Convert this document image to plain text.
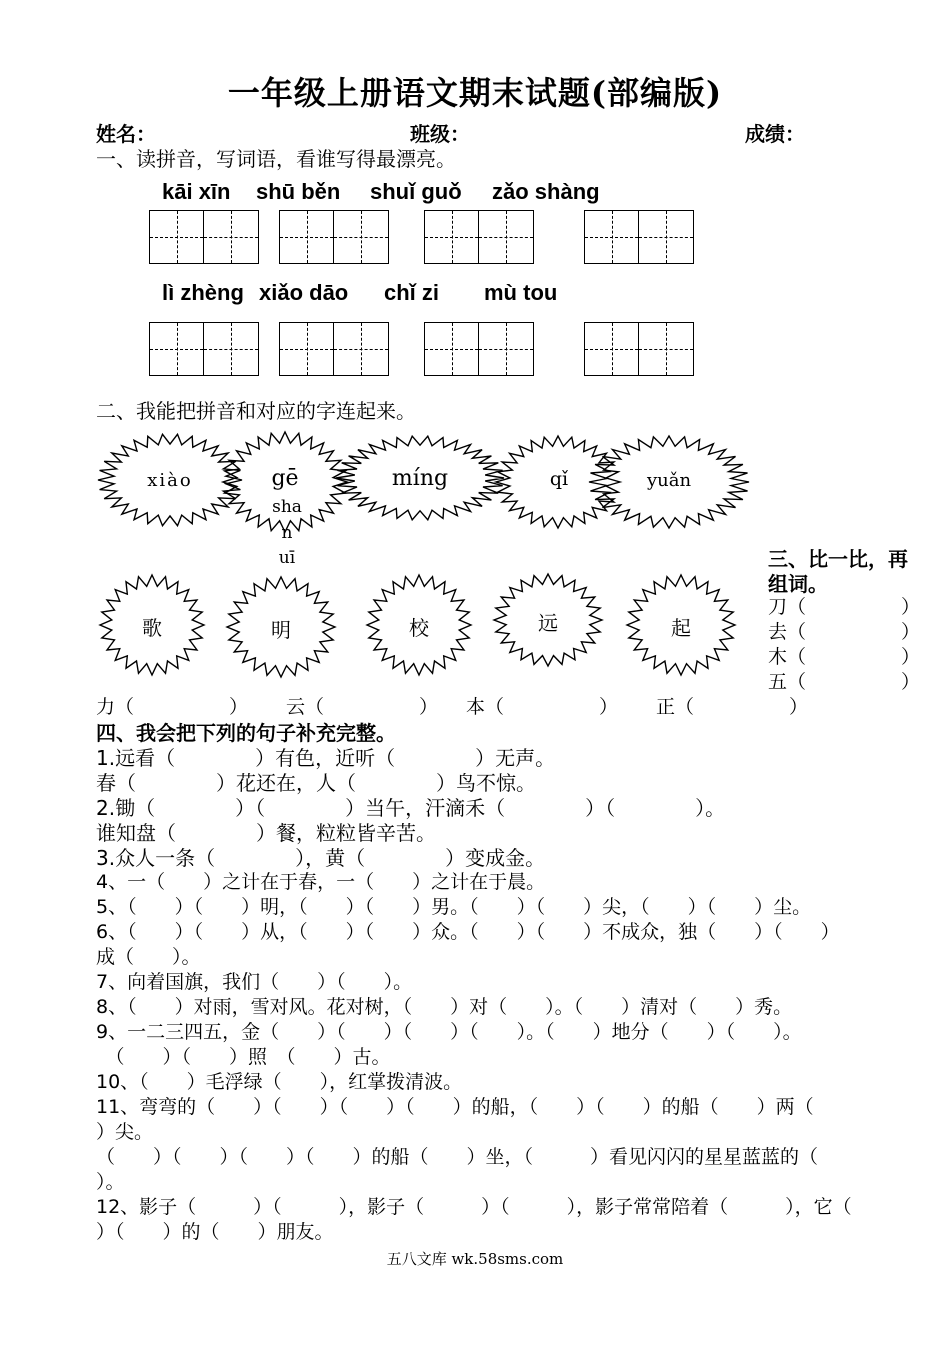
一年级上册语文期末试题(部编版)
姓名：	班级：	成绩：
一、读拼音，写词语，看谁写得最漂亮。
kāi xīn shū běn shuǐ guǒ zǎo shàng
lì zhèng xiǎo dāo chǐ zi mù tou
二、我能把拼音和对应的字连起来。
xiào	gē	míng	qǐ	yuǎn
sha
n
uī
歌	明	校	远	起
三、比一比，再
组词。
刀（　　　　　）
去（　　　　　）
木（　　　　　）
五（　　　　　）
力（　　　　　） 云（　　　　　） 本（　　　　　） 正（　　　　　）
四、我会把下列的句子补充完整。
1.远看（　　　　）有色，近听（　　　　）无声。
春（　　　　）花还在，人（　　　　）鸟不惊。
2.锄（　　　　）（　　　　）当午，汗滴禾（　　　　）（　　　　）。
谁知盘（　　　　）餐，粒粒皆辛苦。
3.众人一条（　　　　），黄（　　　　）变成金。
4、一（　　）之计在于春，一（　　）之计在于晨。
5、（　　）（　　）明，（　　）（　　）男。（　　）（　　）尖，（　　）（　　）尘。
6、（　　）（　　）从，（　　）（　　）众。（　　）（　　）不成众，独（　　）（　　）
成（　　）。
7、向着国旗，我们（　　）（　　）。
8、（　　）对雨，雪对风。花对树，（　　）对（　　）。（　　）清对（　　）秀。
9、一二三四五，金（　　）（　　）（　　）（　　）。（　　）地分（　　）（　　）。
　（　　）（　　）照　（　　）古。
10、（　　）毛浮绿（　　），红掌拨清波。
11、弯弯的（　　）（　　）（　　）（　　）的船，（　　）（　　）的船（　　）两（
）尖。
（　　）（　　）（　　）（　　）的船（　　）坐，（　　　）看见闪闪的星星蓝蓝的（
）。
12、影子（　　　）（　　　），影子（　　　）（　　　），影子常常陪着（　　　），它（
）（　　）的（　　）朋友。
五八文库 wk.58sms.com
